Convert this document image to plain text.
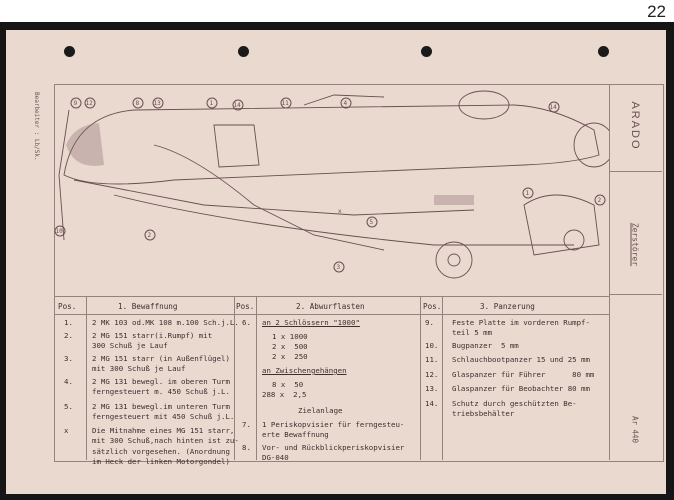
22
ARADO
Zerstörer
Ar 440
Bearbeiter : Lb/Sk.	9 12	8 13	1	14	11	4
14
2
10
x
5
3
1
2
Pos.	1. Bewaffnung	Pos.	2. Abwurflasten	Pos.	3. Panzerung
1.	2 MK 103 od.MK 108 m.100 Sch.j.L.
2.	2 MG 151 starr(i.Rumpf) mit
300 Schuß je Lauf
3.	2 MG 151 starr (in Außenflügel)
mit 300 Schuß je Lauf
4.	2 MG 131 bewegl. im oberen Turm
ferngesteuert m. 450 Schuß j.L.
5.	2 MG 131 bewegl.im unteren Turm
ferngesteuert mit 450 Schuß j.L.
x	Die Mitnahme eines MG 151 starr,
mit 300 Schuß,nach hinten ist zu-
sätzlich vorgesehen. (Anordnung
im Heck der linken Motorgondel)
6. an 2 Schlössern "1000"
1 x 1000
2 x  500
2 x  250
an Zwischengehängen
8 x  50
288 x  2,5
Zielanlage
7. 1 Periskopvisier für ferngesteu-
erte Bewaffnung
8. Vor- und Rückblickperiskopvisier
DG-040
9. Feste Platte im vorderen Rumpf-
teil 5 mm
10. Bugpanzer  5 mm
11. Schlauchbootpanzer 15 und 25 mm
12. Glaspanzer für Führer      80 mm
13. Glaspanzer für Beobachter 80 mm
14. Schutz durch geschützten Be-
triebsbehälter
